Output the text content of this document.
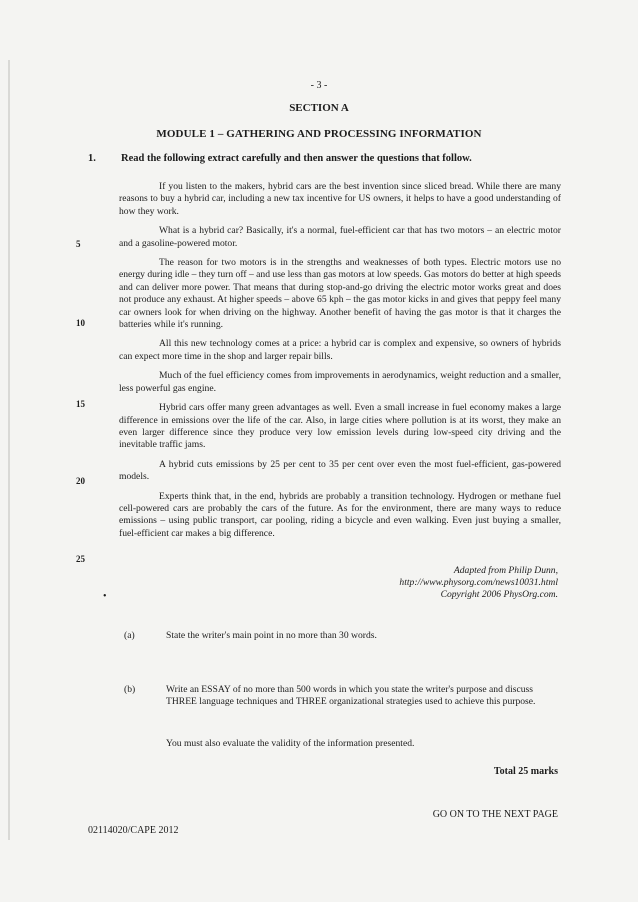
- 3 -
SECTION A
MODULE 1 – GATHERING AND PROCESSING INFORMATION
1. Read the following extract carefully and then answer the questions that follow.

If you listen to the makers, hybrid cars are the best invention since sliced bread. While there are many reasons to buy a hybrid car, including a new tax incentive for US owners, it helps to have a good understanding of how they work.

What is a hybrid car? Basically, it's a normal, fuel-efficient car that has two motors – an electric motor and a gasoline-powered motor.

The reason for two motors is in the strengths and weaknesses of both types. Electric motors use no energy during idle – they turn off – and use less than gas motors at low speeds. Gas motors do better at high speeds and can deliver more power. That means that during stop-and-go driving the electric motor works great and does not produce any exhaust. At higher speeds – above 65 kph – the gas motor kicks in and gives that peppy feel many car owners look for when driving on the highway. Another benefit of having the gas motor is that it charges the batteries while it's running.

All this new technology comes at a price: a hybrid car is complex and expensive, so owners of hybrids can expect more time in the shop and larger repair bills.

Much of the fuel efficiency comes from improvements in aerodynamics, weight reduction and a smaller, less powerful gas engine.

Hybrid cars offer many green advantages as well. Even a small increase in fuel economy makes a large difference in emissions over the life of the car. Also, in large cities where pollution is at its worst, they make an even larger difference since they produce very low emission levels during low-speed city driving and the inevitable traffic jams.

A hybrid cuts emissions by 25 per cent to 35 per cent over even the most fuel-efficient, gas-powered models.

Experts think that, in the end, hybrids are probably a transition technology. Hydrogen or methane fuel cell-powered cars are probably the cars of the future. As for the environment, there are many ways to reduce emissions – using public transport, car pooling, riding a bicycle and even walking. Even just buying a smaller, fuel-efficient car makes a big difference.

5
10
15
20
25
Adapted from Philip Dunn,
http://www.physorg.com/news10031.html
Copyright 2006 PhysOrg.com.
•
(a)	State the writer's main point in no more than 30 words.
(b)	Write an ESSAY of no more than 500 words in which you state the writer's purpose and discuss THREE language techniques and THREE organizational strategies used to achieve this purpose.
You must also evaluate the validity of the information presented.
Total 25 marks
GO ON TO THE NEXT PAGE
02114020/CAPE 2012
